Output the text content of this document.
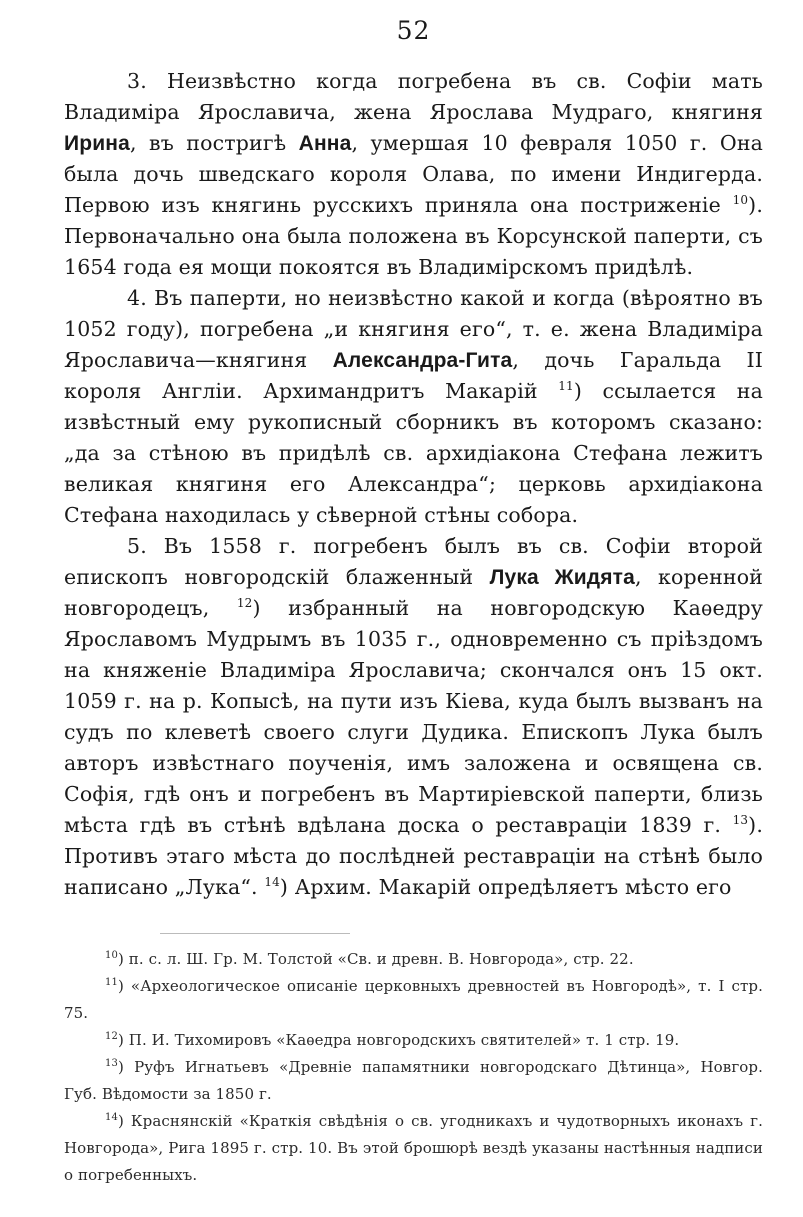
52

3. Неизвѣстно когда погребена въ св. Софіи мать Владиміра Ярославича, жена Ярослава Мудраго, княгиня Ирина, въ постригѣ Анна, умершая 10 февраля 1050 г. Она была дочь шведскаго короля Олава, по имени Индигерда. Первою изъ княгинь русскихъ приняла она постриженіе $^{10}$). Первоначально она была положена въ Корсунской паперти, съ 1654 года ея мощи покоятся въ Владимірскомъ придѣлѣ.

4. Въ паперти, но неизвѣстно какой и когда (вѣроятно въ 1052 году), погребена „и княгиня его“, т. е. жена Владиміра Ярославича—княгиня Александра-Гита, дочь Гаральда II короля Англіи. Архимандритъ Макарій $^{11}$) ссылается на извѣстный ему рукописный сборникъ въ которомъ сказано: „да за стѣною въ придѣлѣ св. архидіакона Стефана лежитъ великая княгиня его Александра“; церковь архидіакона Стефана находилась у сѣверной стѣны собора.

5. Въ 1558 г. погребенъ былъ въ св. Софіи второй епископъ новгородскій блаженный Лука Жидята, коренной новгородецъ, $^{12}$) избранный на новгородскую Каѳедру Ярославомъ Мудрымъ въ 1035 г., одновременно съ пріѣздомъ на княженіе Владиміра Ярославича; скончался онъ 15 окт. 1059 г. на р. Копысѣ, на пути изъ Кіева, куда былъ вызванъ на судъ по клеветѣ своего слуги Дудика. Епископъ Лука былъ авторъ извѣстнаго поученія, имъ заложена и освящена св. Софія, гдѣ онъ и погребенъ въ Мартиріевской паперти, близь мѣста гдѣ въ стѣнѣ вдѣлана доска о реставраціи 1839 г. $^{13}$). Противъ этаго мѣста до послѣдней реставраціи на стѣнѣ было написано „Лука“. $^{14}$) Архим. Макарій опредѣляетъ мѣсто его

$^{10}$) п. с. л. Ш. Гр. М. Толстой «Св. и древн. В. Новгорода», стр. 22.

$^{11}$) «Археологическое описаніе церковныхъ древностей въ Новгородѣ», т. I стр. 75.

$^{12}$) П. И. Тихомировъ «Каѳедра новгородскихъ святителей» т. 1 стр. 19.

$^{13}$) Руфъ Игнатьевъ «Древніе папамятники новгородскаго Дѣтинца», Новгор. Губ. Вѣдомости за 1850 г.

$^{14}$) Краснянскій «Краткія свѣдѣнія о св. угодникахъ и чудотворныхъ иконахъ г. Новгорода», Рига 1895 г. стр. 10. Въ этой брошюрѣ вездѣ указаны настѣнныя надписи о погребенныхъ.
